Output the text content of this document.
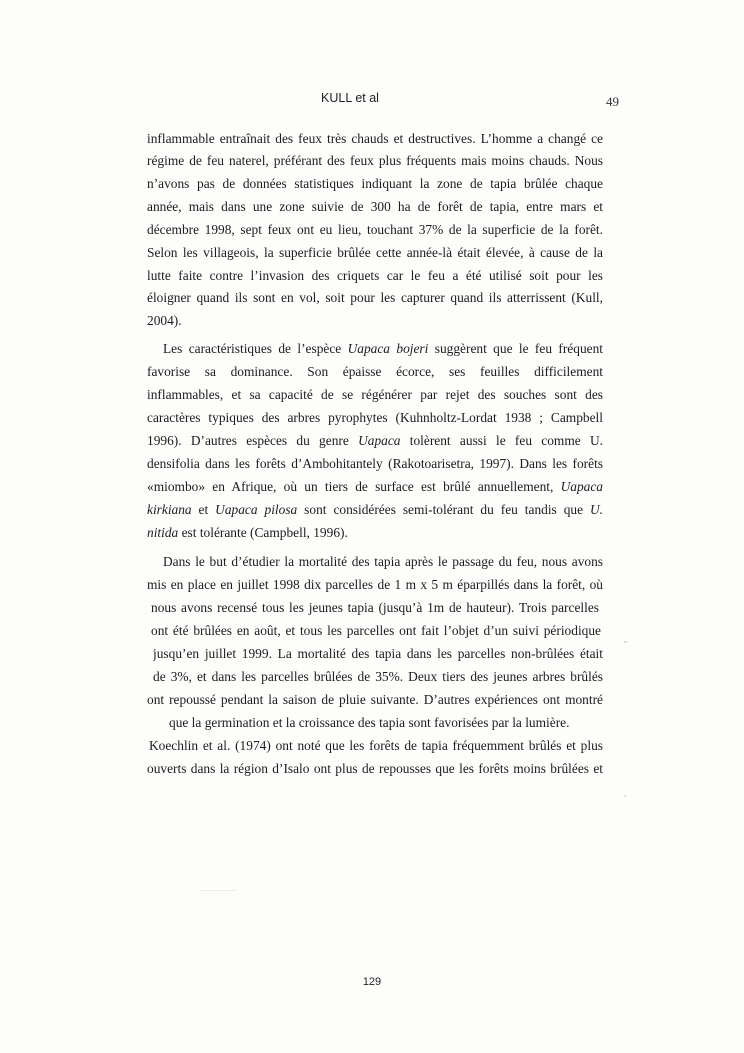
KULL et al	49
inflammable entraînait des feux très chauds et destructives. L’homme a changé ce
régime de feu naterel, préférant des feux plus fréquents mais moins chauds. Nous
n’avons pas de données statistiques indiquant la zone de tapia brûlée chaque
année, mais dans une zone suivie de 300 ha de forêt de tapia, entre mars et
décembre 1998, sept feux ont eu lieu, touchant 37% de la superficie de la forêt.
Selon les villageois, la superficie brûlée cette année-là était élevée, à cause de la
lutte faite contre l’invasion des criquets car le feu a été utilisé soit pour les
éloigner quand ils sont en vol, soit pour les capturer quand ils atterrissent (Kull,
2004).
Les caractéristiques de l’espèce Uapaca bojeri suggèrent que le feu fréquent
favorise sa dominance. Son épaisse écorce, ses feuilles difficilement
inflammables, et sa capacité de se régénérer par rejet des souches sont des
caractères typiques des arbres pyrophytes (Kuhnholtz-Lordat 1938 ; Campbell
1996). D’autres espèces du genre Uapaca tolèrent aussi le feu comme U.
densifolia dans les forêts d’Ambohitantely (Rakotoarisetra, 1997). Dans les forêts
«miombo» en Afrique, où un tiers de surface est brûlé annuellement, Uapaca
kirkiana et Uapaca pilosa sont considérées semi-tolérant du feu tandis que U.
nitida est tolérante (Campbell, 1996).
Dans le but d’étudier la mortalité des tapia après le passage du feu, nous avons
mis en place en juillet 1998 dix parcelles de 1 m x 5 m éparpillés dans la forêt, où
nous avons recensé tous les jeunes tapia (jusqu’à 1m de hauteur). Trois parcelles
ont été brûlées en août, et tous les parcelles ont fait l’objet d’un suivi périodique
jusqu’en juillet 1999. La mortalité des tapia dans les parcelles non-brûlées était
de 3%, et dans les parcelles brûlées de 35%. Deux tiers des jeunes arbres brûlés
ont repoussé pendant la saison de pluie suivante. D’autres expériences ont montré
que la germination et la croissance des tapia sont favorisées par la lumière.
Koechlin et al. (1974) ont noté que les forêts de tapia fréquemment brûlés et plus
ouverts dans la région d’Isalo ont plus de repousses que les forêts moins brûlées et
129
